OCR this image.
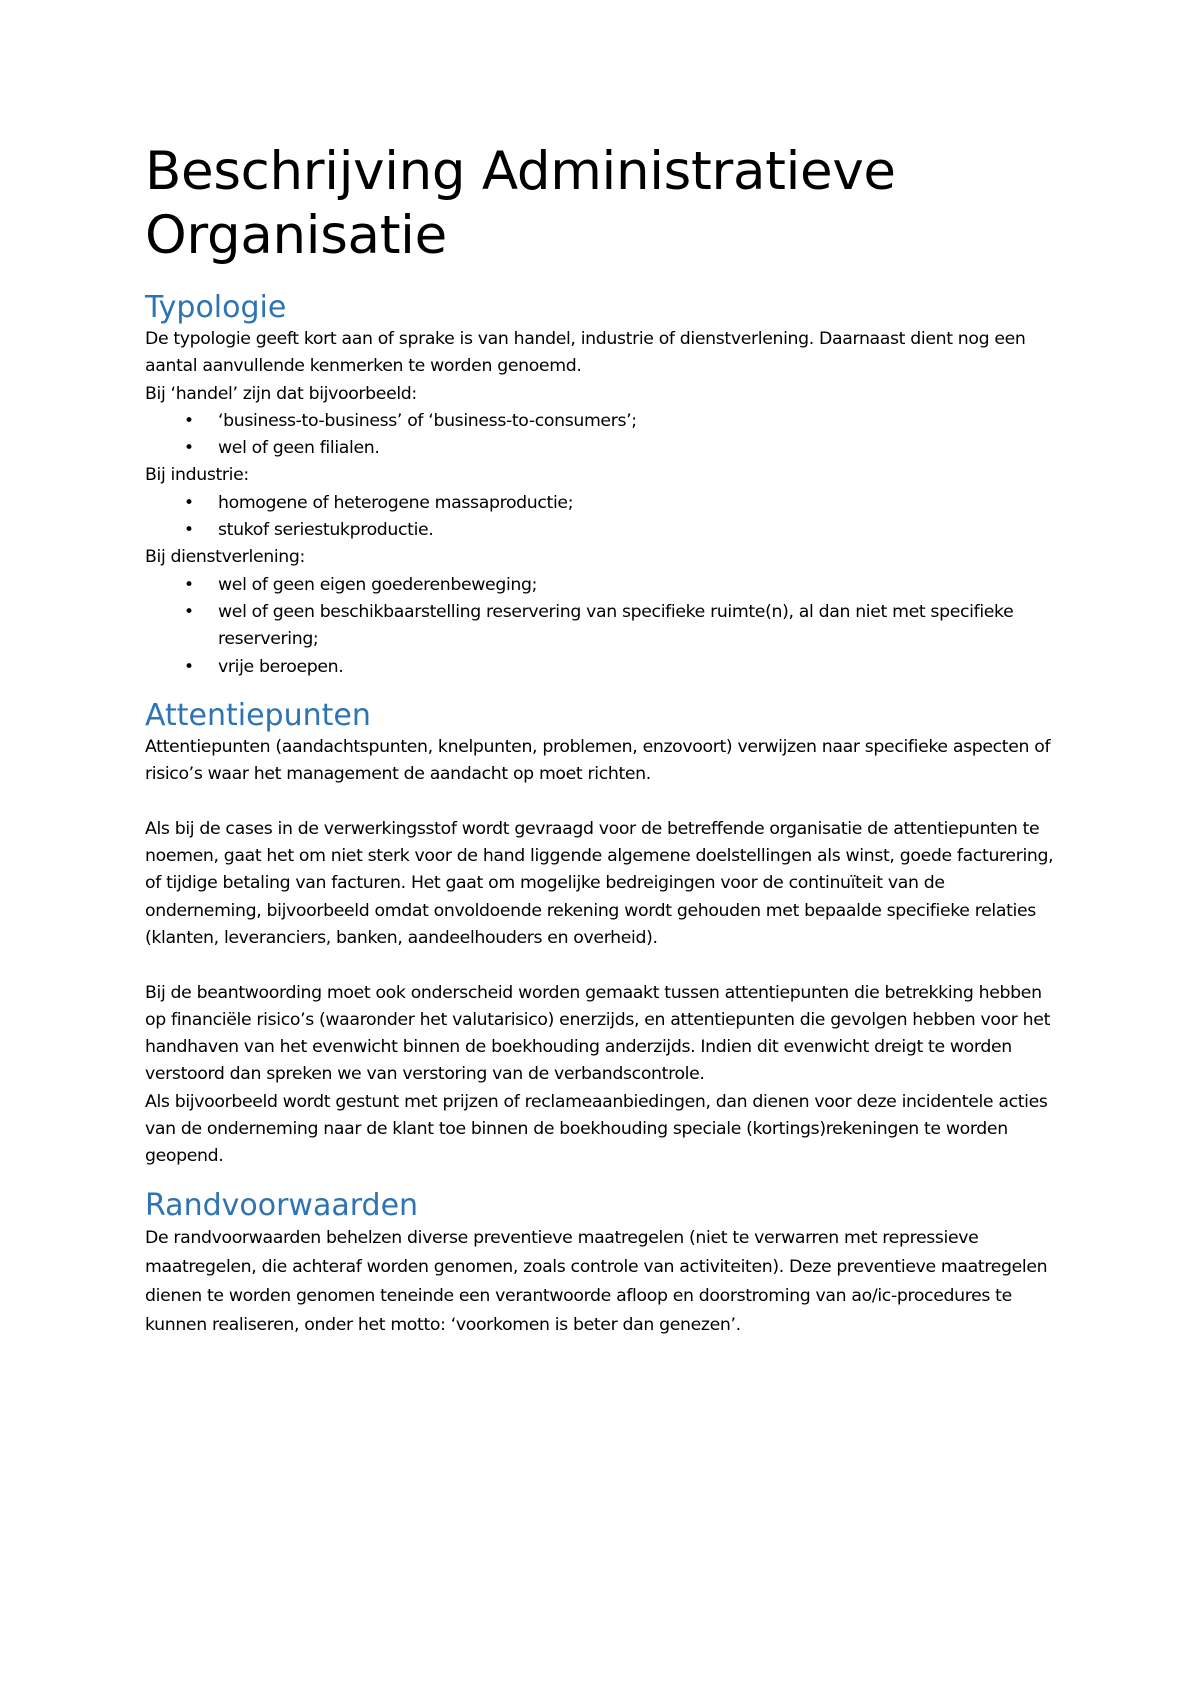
Beschrijving Administratieve Organisatie
Typologie

De typologie geeft kort aan of sprake is van handel, industrie of dienstverlening. Daarnaast dient nog een aantal aanvullende kenmerken te worden genoemd.

Bij ‘handel’ zijn dat bijvoorbeeld:

• ‘business-to-business’ of ‘business-to-consumers’;
• wel of geen filialen.

Bij industrie:

• homogene of heterogene massaproductie;
• stukof seriestukproductie.

Bij dienstverlening:

• wel of geen eigen goederenbeweging;
• wel of geen beschikbaarstelling reservering van specifieke ruimte(n), al dan niet met specifieke reservering;
• vrije beroepen.
Attentiepunten

Attentiepunten (aandachtspunten, knelpunten, problemen, enzovoort) verwijzen naar specifieke aspecten of risico’s waar het management de aandacht op moet richten.

Als bij de cases in de verwerkingsstof wordt gevraagd voor de betreffende organisatie de attentiepunten te noemen, gaat het om niet sterk voor de hand liggende algemene doelstellingen als winst, goede facturering, of tijdige betaling van facturen. Het gaat om mogelijke bedreigingen voor de continuïteit van de onderneming, bijvoorbeeld omdat onvoldoende rekening wordt gehouden met bepaalde specifieke relaties (klanten, leveranciers, banken, aandeelhouders en overheid).

Bij de beantwoording moet ook onderscheid worden gemaakt tussen attentiepunten die betrekking hebben op financiële risico’s (waaronder het valutarisico) enerzijds, en attentiepunten die gevolgen hebben voor het handhaven van het evenwicht binnen de boekhouding anderzijds. Indien dit evenwicht dreigt te worden verstoord dan spreken we van verstoring van de verbandscontrole.

Als bijvoorbeeld wordt gestunt met prijzen of reclameaanbiedingen, dan dienen voor deze incidentele acties van de onderneming naar de klant toe binnen de boekhouding speciale (kortings)rekeningen te worden geopend.

Randvoorwaarden

De randvoorwaarden behelzen diverse preventieve maatregelen (niet te verwarren met repressieve maatregelen, die achteraf worden genomen, zoals controle van activiteiten). Deze preventieve maatregelen dienen te worden genomen teneinde een verantwoorde afloop en doorstroming van ao/ic-procedures te kunnen realiseren, onder het motto: ‘voorkomen is beter dan genezen’.
